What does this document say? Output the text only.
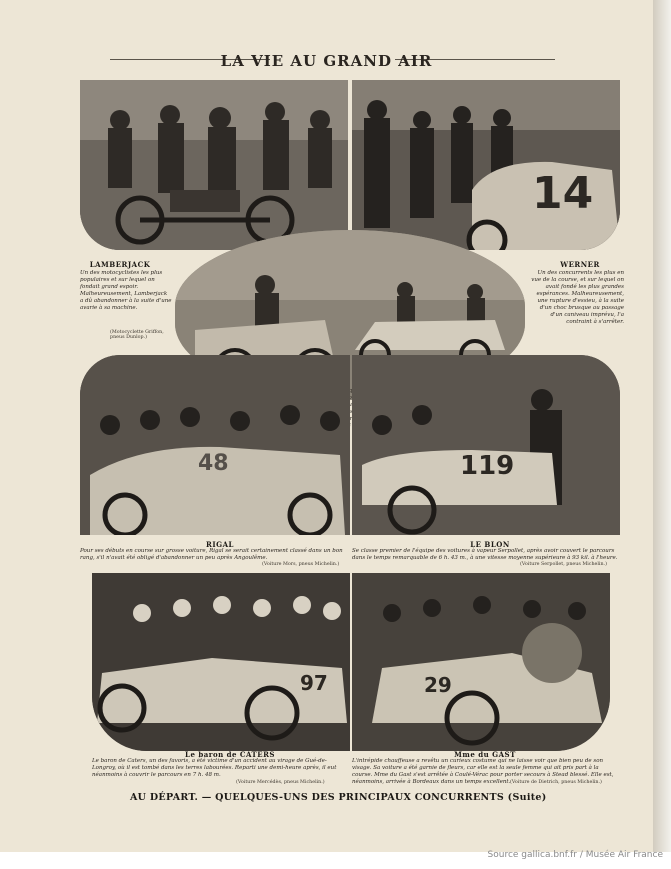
LA VIE AU GRAND AIR
LAMBERJACK
Un des motocyclistes les plus populaires et sur lequel on fondait grand espoir. Malheureusement, Lamberjack a dû abandonner à la suite d'une avarie à sa machine.
(Motocyclette Griffon, pneus Dunlop.)
14
WERNER
Un des concurrents les plus en vue de la course, et sur lequel on avait fondé les plus grandes espérances. Malheureusement, une rupture d'essieu, à la suite d'un choc brusque au passage d'un caniveau imprévu, l'a contraint à s'arrêter.
48
RIGAL
Pour ses débuts en course sur grosse voiture, Rigal se serait certainement classé dans un bon rang, s'il n'avait été obligé d'abandonner un peu après Angoulême.
(Voiture Mors, pneus Michelin.)
119
LE BLON
Se classe premier de l'équipe des voitures à vapeur Serpollet, après avoir couvert le parcours dans le temps remarquable de 6 h. 43 m., à une vitesse moyenne supérieure à 93 kil. à l'heure.
(Voiture Serpollet, pneus Michelin.)
97
Le baron de CATERS
Le baron de Caters, un des favoris, a été victime d'un accident au virage de Gué-de-Longroy, où il est tombé dans les terres labourées. Reparti une demi-heure après, il eut néanmoins à couvrir le parcours en 7 h. 48 m.
(Voiture Mercédès, pneus Michelin.)
29
Mme du GAST
L'intrépide chauffeuse a revêtu un curieux costume qui ne laisse voir que bien peu de son visage. Sa voiture a été garnie de fleurs, car elle est la seule femme qui ait pris part à la course. Mme du Gast s'est arrêtée à Coulé-Vérac pour porter secours à Stead blessé. Elle est, néanmoins, arrivée à Bordeaux dans un temps excellent. (Voiture de Dietrich, pneus Michelin.)
AU DÉPART. — QUELQUES-UNS DES PRINCIPAUX CONCURRENTS (Suite)
Source gallica.bnf.fr / Musée Air France
